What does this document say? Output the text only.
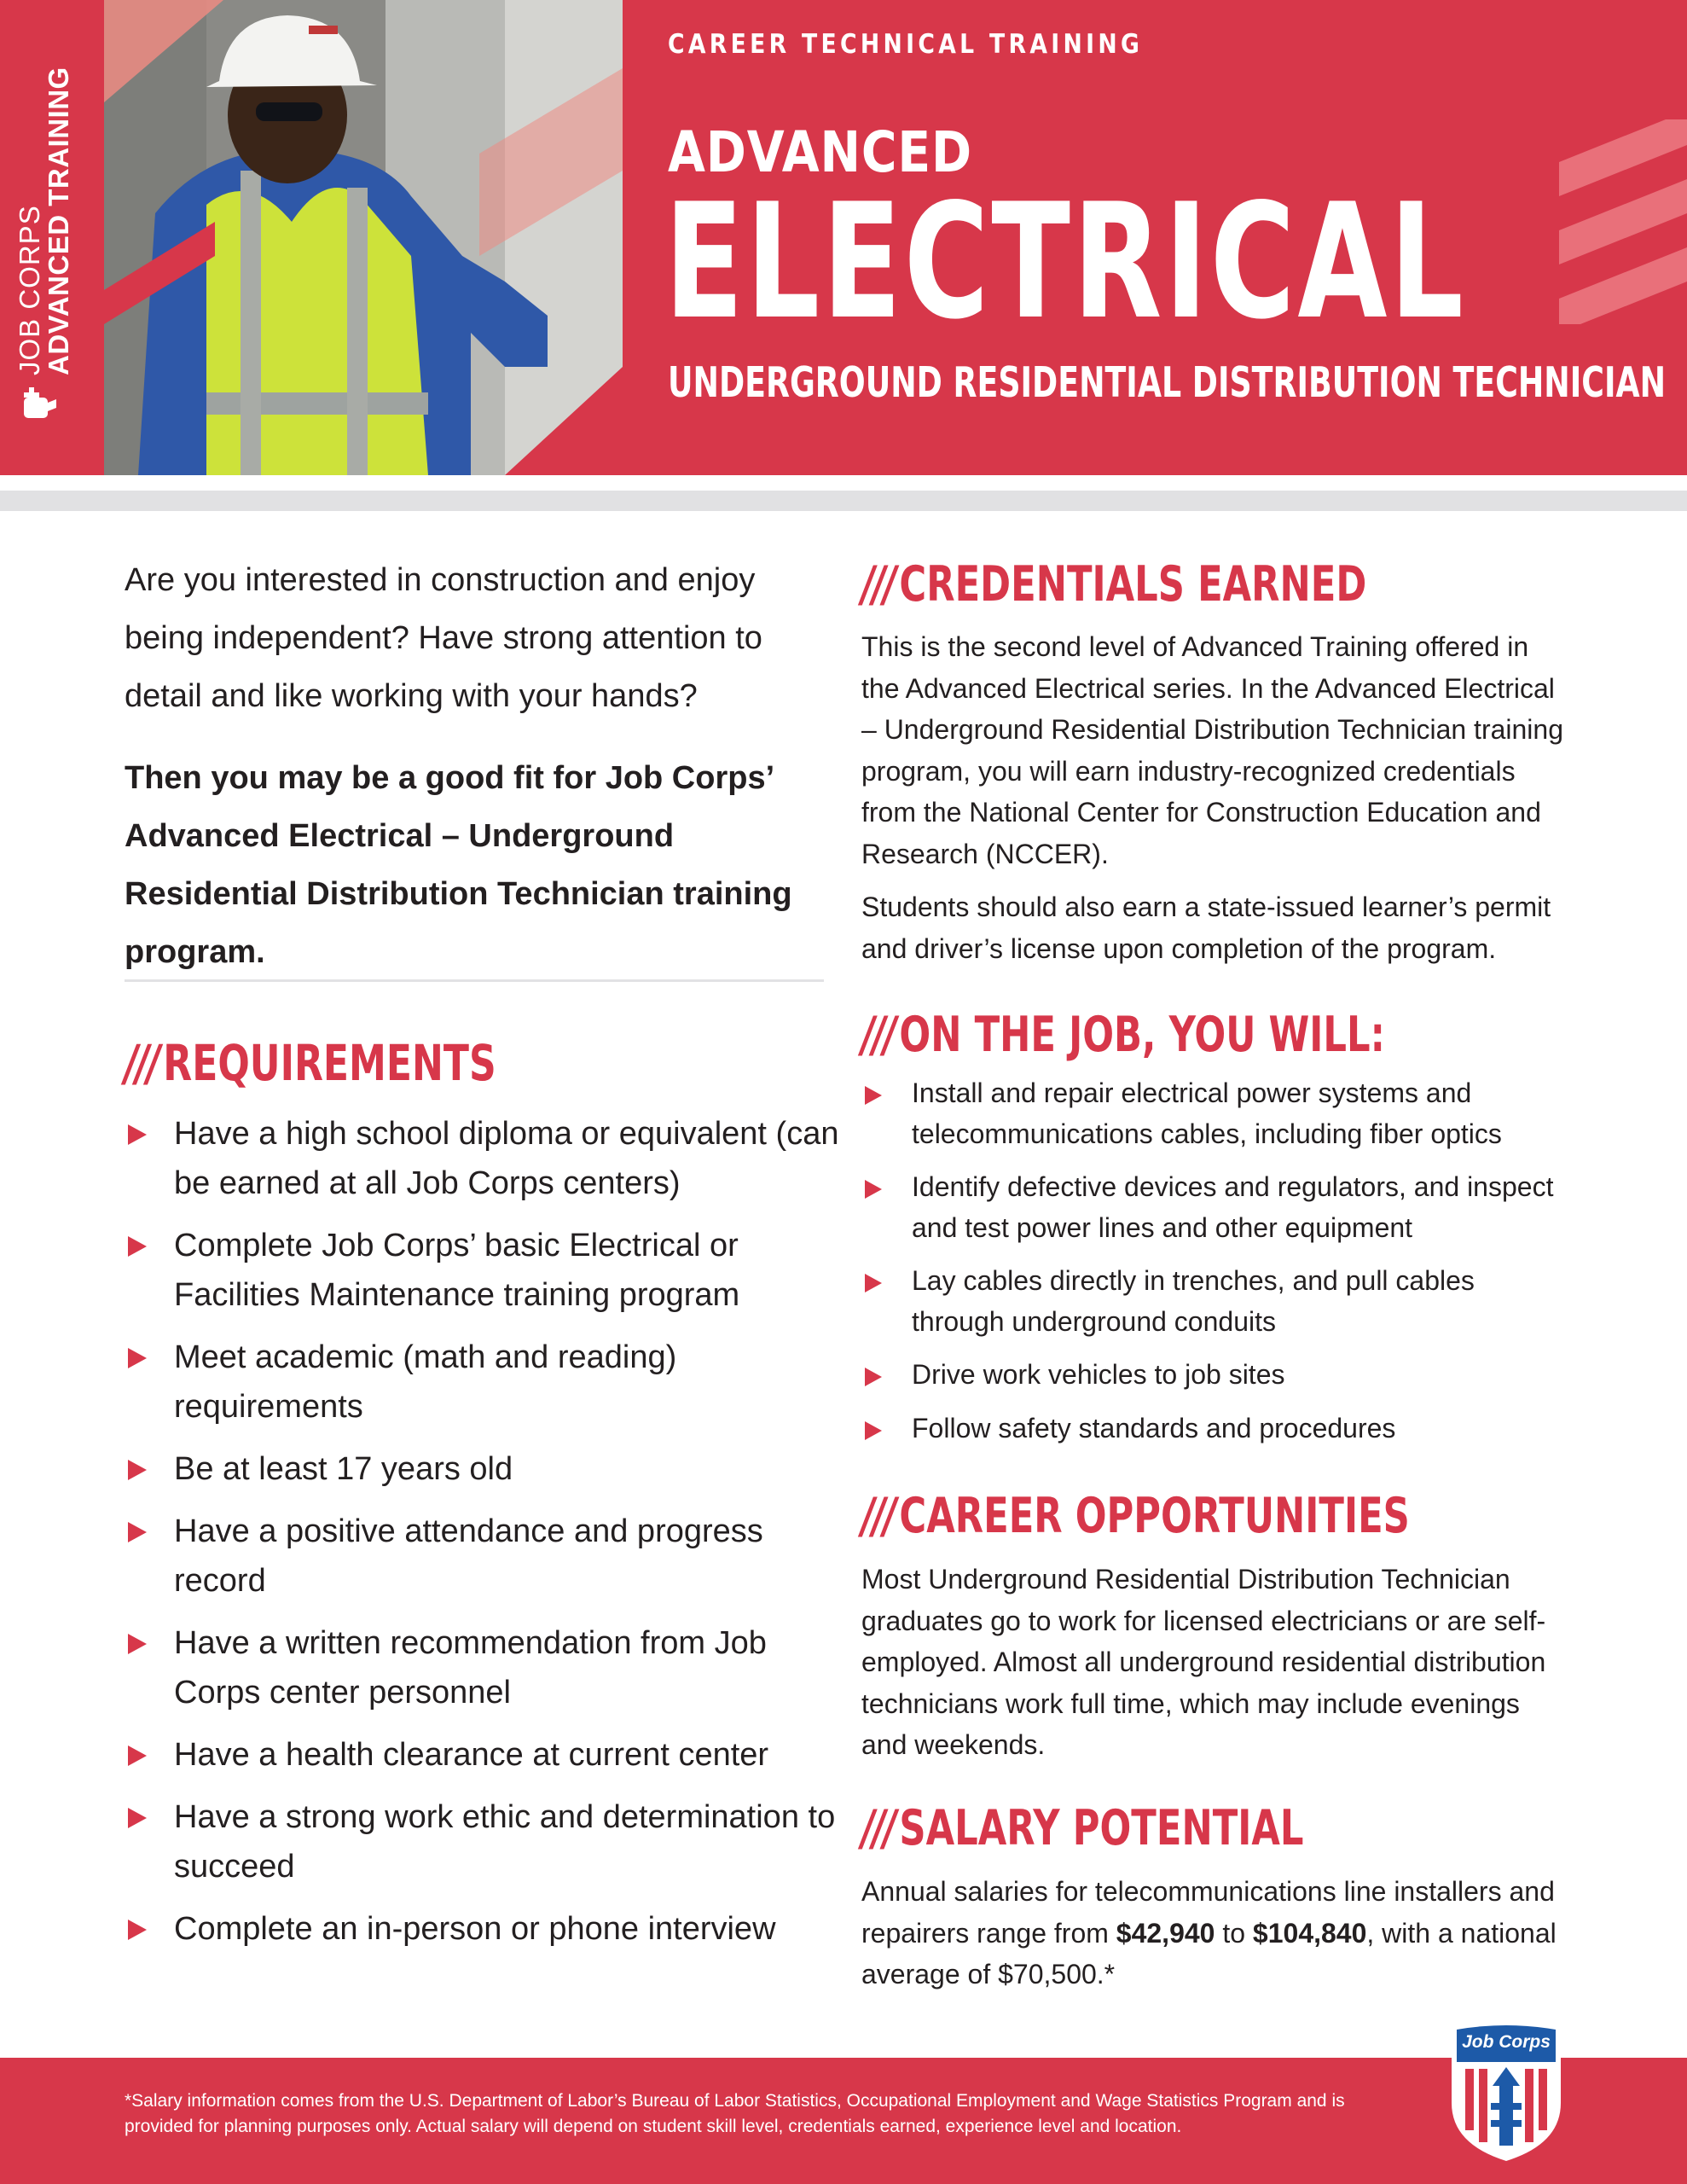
JOB CORPS
ADVANCED TRAINING
CAREER TECHNICAL TRAINING
ADVANCED
ELECTRICAL
UNDERGROUND RESIDENTIAL DISTRIBUTION TECHNICIAN
Are you interested in construction and enjoy being independent? Have strong attention to detail and like working with your hands?
Then you may be a good fit for Job Corps’ Advanced Electrical – Underground Residential Distribution Technician training program.
/// REQUIREMENTS
Have a high school diploma or equivalent (can be earned at all Job Corps centers)
Complete Job Corps’ basic Electrical or Facilities Maintenance training program
Meet academic (math and reading) requirements
Be at least 17 years old
Have a positive attendance and progress record
Have a written recommendation from Job Corps center personnel
Have a health clearance at current center
Have a strong work ethic and determination to succeed
Complete an in-person or phone interview
/// CREDENTIALS EARNED
This is the second level of Advanced Training offered in the Advanced Electrical series. In the Advanced Electrical – Underground Residential Distribution Technician training program, you will earn industry-recognized credentials from the National Center for Construction Education and Research (NCCER).
Students should also earn a state-issued learner’s permit and driver’s license upon completion of the program.
/// ON THE JOB, YOU WILL:
Install and repair electrical power systems and telecommunications cables, including fiber optics
Identify defective devices and regulators, and inspect and test power lines and other equipment
Lay cables directly in trenches, and pull cables through underground conduits
Drive work vehicles to job sites
Follow safety standards and procedures
/// CAREER OPPORTUNITIES
Most Underground Residential Distribution Technician graduates go to work for licensed electricians or are self-employed. Almost all underground residential distribution technicians work full time, which may include evenings and weekends.
/// SALARY POTENTIAL
Annual salaries for telecommunications line installers and repairers range from $42,940 to $104,840, with a national average of $70,500.*
*Salary information comes from the U.S. Department of Labor’s Bureau of Labor Statistics, Occupational Employment and Wage Statistics Program and is provided for planning purposes only. Actual salary will depend on student skill level, credentials earned, experience level and location.
Job Corps
